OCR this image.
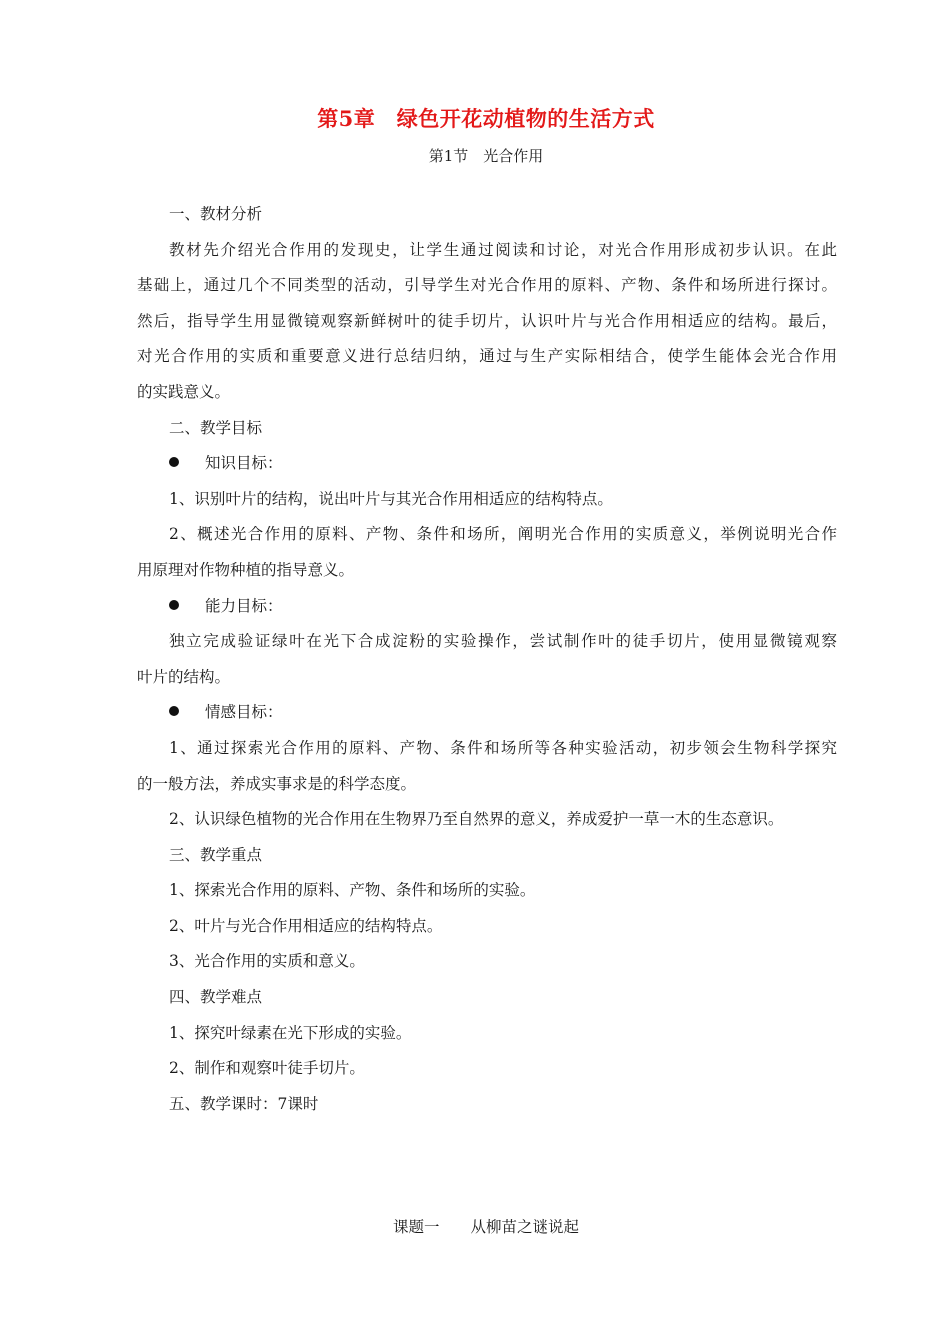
第5章　绿色开花动植物的生活方式
第1节　光合作用
一、教材分析
教材先介绍光合作用的发现史，让学生通过阅读和讨论，对光合作用形成初步认识。在此
基础上，通过几个不同类型的活动，引导学生对光合作用的原料、产物、条件和场所进行探讨。
然后，指导学生用显微镜观察新鲜树叶的徒手切片，认识叶片与光合作用相适应的结构。最后，
对光合作用的实质和重要意义进行总结归纳，通过与生产实际相结合，使学生能体会光合作用
的实践意义。
二、教学目标
知识目标：
1、识别叶片的结构，说出叶片与其光合作用相适应的结构特点。
2、概述光合作用的原料、产物、条件和场所，阐明光合作用的实质意义，举例说明光合作
用原理对作物种植的指导意义。
能力目标：
独立完成验证绿叶在光下合成淀粉的实验操作，尝试制作叶的徒手切片，使用显微镜观察
叶片的结构。
情感目标：
1、通过探索光合作用的原料、产物、条件和场所等各种实验活动，初步领会生物科学探究
的一般方法，养成实事求是的科学态度。
2、认识绿色植物的光合作用在生物界乃至自然界的意义，养成爱护一草一木的生态意识。
三、教学重点
1、探索光合作用的原料、产物、条件和场所的实验。
2、叶片与光合作用相适应的结构特点。
3、光合作用的实质和意义。
四、教学难点
1、探究叶绿素在光下形成的实验。
2、制作和观察叶徒手切片。
五、教学课时：7课时
课题一　　从柳苗之谜说起
